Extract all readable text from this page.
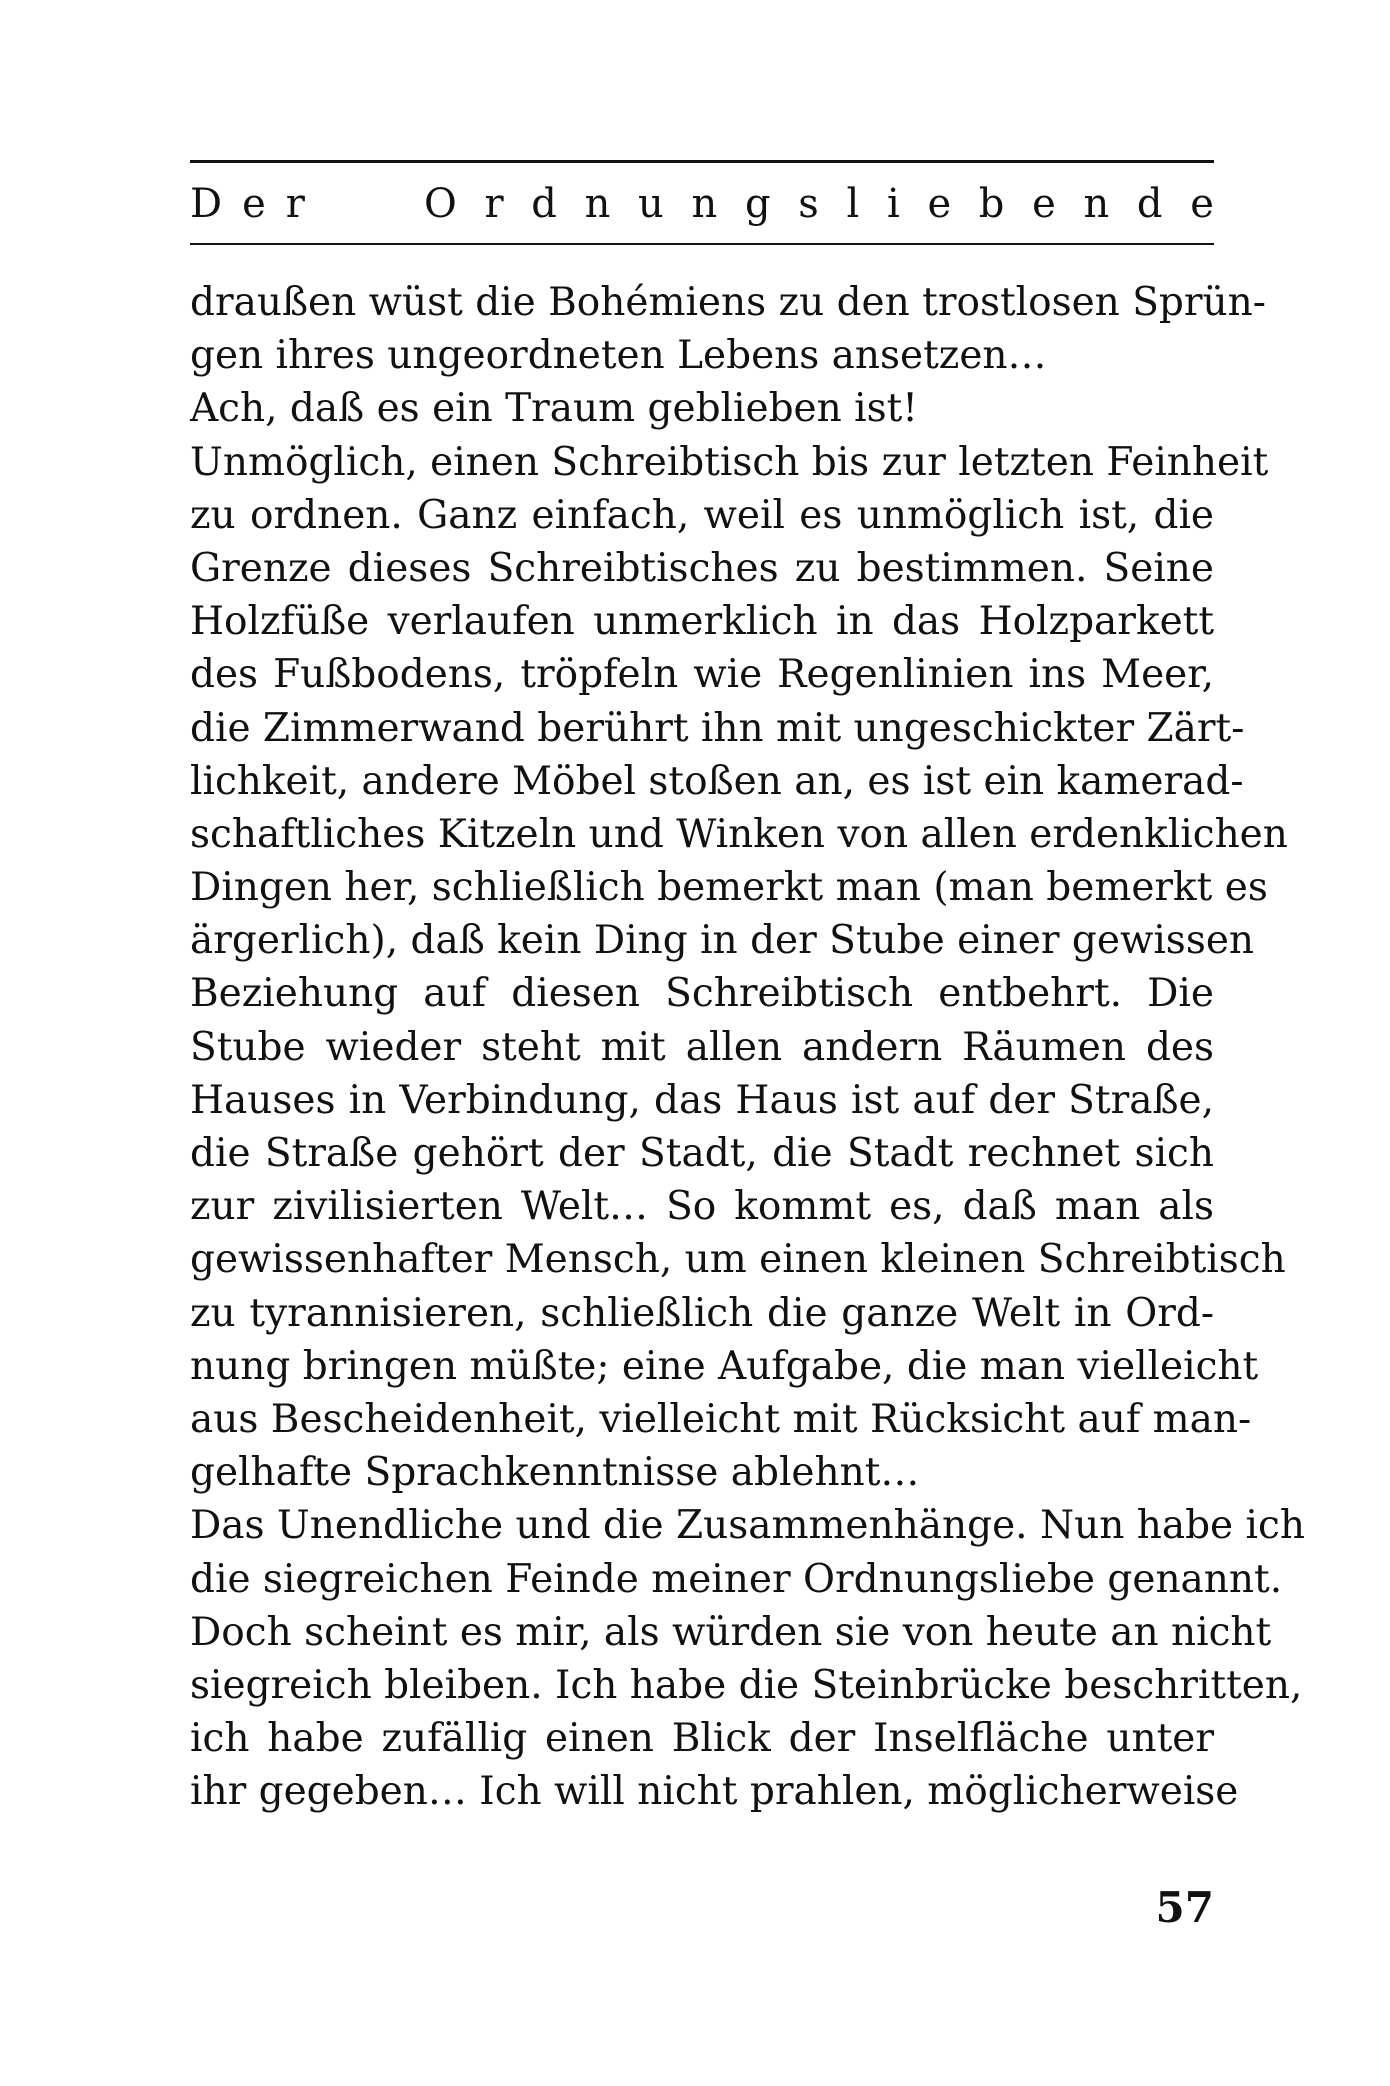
D e r	O r d n u n g s l i e b e n d e
draußen wüst die Bohémiens zu den trostlosen Sprün-
gen ihres ungeordneten Lebens ansetzen…
Ach, daß es ein Traum geblieben ist!
Unmöglich, einen Schreibtisch bis zur letzten Feinheit
zu ordnen. Ganz einfach, weil es unmöglich ist, die
Grenze dieses Schreibtisches zu bestimmen. Seine
Holzfüße verlaufen unmerklich in das Holzparkett
des Fußbodens, tröpfeln wie Regenlinien ins Meer,
die Zimmerwand berührt ihn mit ungeschickter Zärt-
lichkeit, andere Möbel stoßen an, es ist ein kamerad-
schaftliches Kitzeln und Winken von allen erdenklichen
Dingen her, schließlich bemerkt man (man bemerkt es
ärgerlich), daß kein Ding in der Stube einer gewissen
Beziehung auf diesen Schreibtisch entbehrt. Die
Stube wieder steht mit allen andern Räumen des
Hauses in Verbindung, das Haus ist auf der Straße,
die Straße gehört der Stadt, die Stadt rechnet sich
zur zivilisierten Welt… So kommt es, daß man als
gewissenhafter Mensch, um einen kleinen Schreibtisch
zu tyrannisieren, schließlich die ganze Welt in Ord-
nung bringen müßte; eine Aufgabe, die man vielleicht
aus Bescheidenheit, vielleicht mit Rücksicht auf man-
gelhafte Sprachkenntnisse ablehnt…
Das Unendliche und die Zusammenhänge. Nun habe ich
die siegreichen Feinde meiner Ordnungsliebe genannt.
Doch scheint es mir, als würden sie von heute an nicht
siegreich bleiben. Ich habe die Steinbrücke beschritten,
ich habe zufällig einen Blick der Inselfläche unter
ihr gegeben… Ich will nicht prahlen, möglicherweise
57
